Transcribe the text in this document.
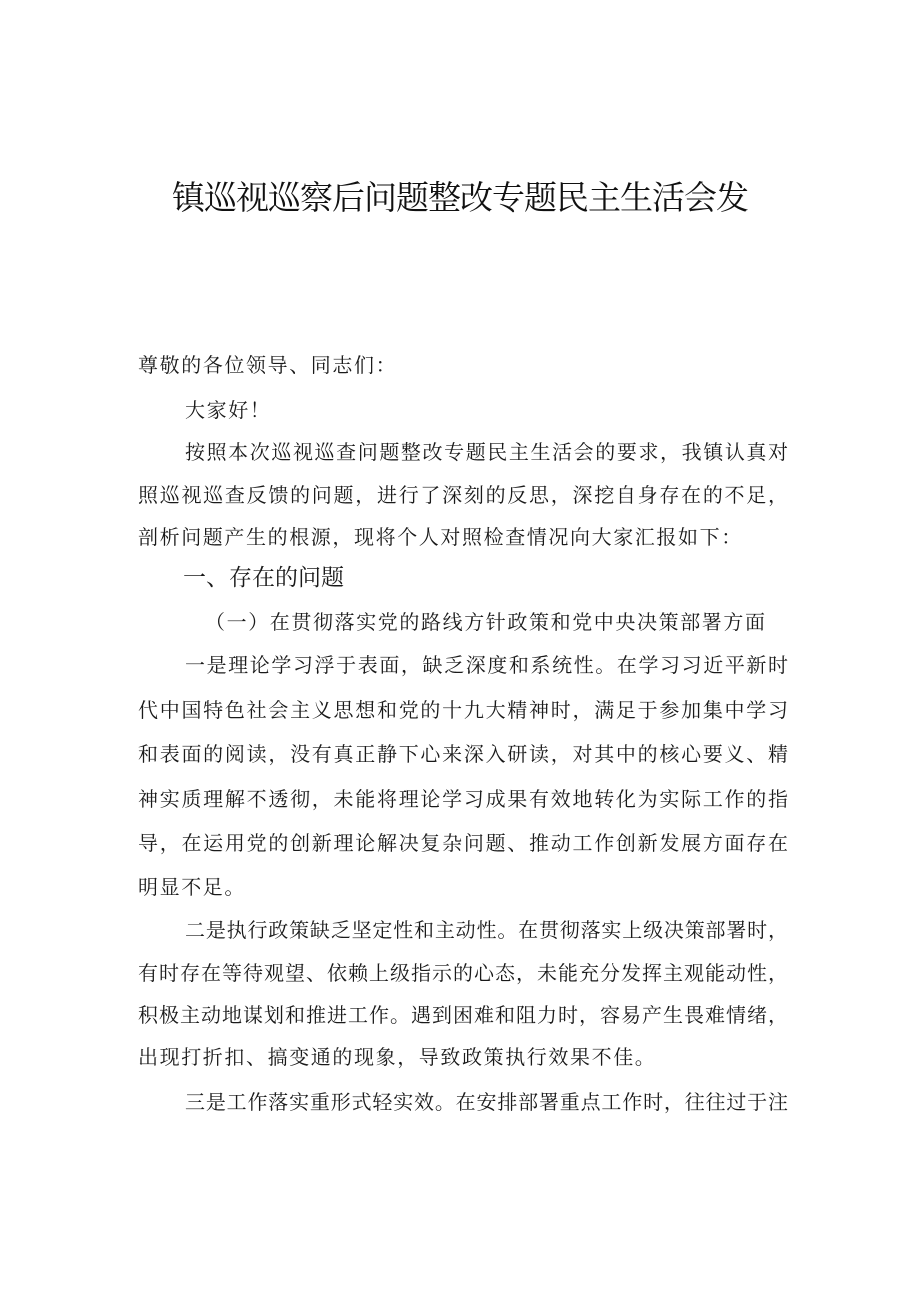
镇巡视巡察后问题整改专题民主生活会发
尊敬的各位领导、同志们：
大家好！
按照本次巡视巡查问题整改专题民主生活会的要求，我镇认真对
照巡视巡查反馈的问题，进行了深刻的反思，深挖自身存在的不足，
剖析问题产生的根源，现将个人对照检查情况向大家汇报如下：
一、存在的问题
（一）在贯彻落实党的路线方针政策和党中央决策部署方面
一是理论学习浮于表面，缺乏深度和系统性。在学习习近平新时
代中国特色社会主义思想和党的十九大精神时，满足于参加集中学习
和表面的阅读，没有真正静下心来深入研读，对其中的核心要义、精
神实质理解不透彻，未能将理论学习成果有效地转化为实际工作的指
导，在运用党的创新理论解决复杂问题、推动工作创新发展方面存在
明显不足。
二是执行政策缺乏坚定性和主动性。在贯彻落实上级决策部署时，
有时存在等待观望、依赖上级指示的心态，未能充分发挥主观能动性，
积极主动地谋划和推进工作。遇到困难和阻力时，容易产生畏难情绪，
出现打折扣、搞变通的现象，导致政策执行效果不佳。
三是工作落实重形式轻实效。在安排部署重点工作时，往往过于注
